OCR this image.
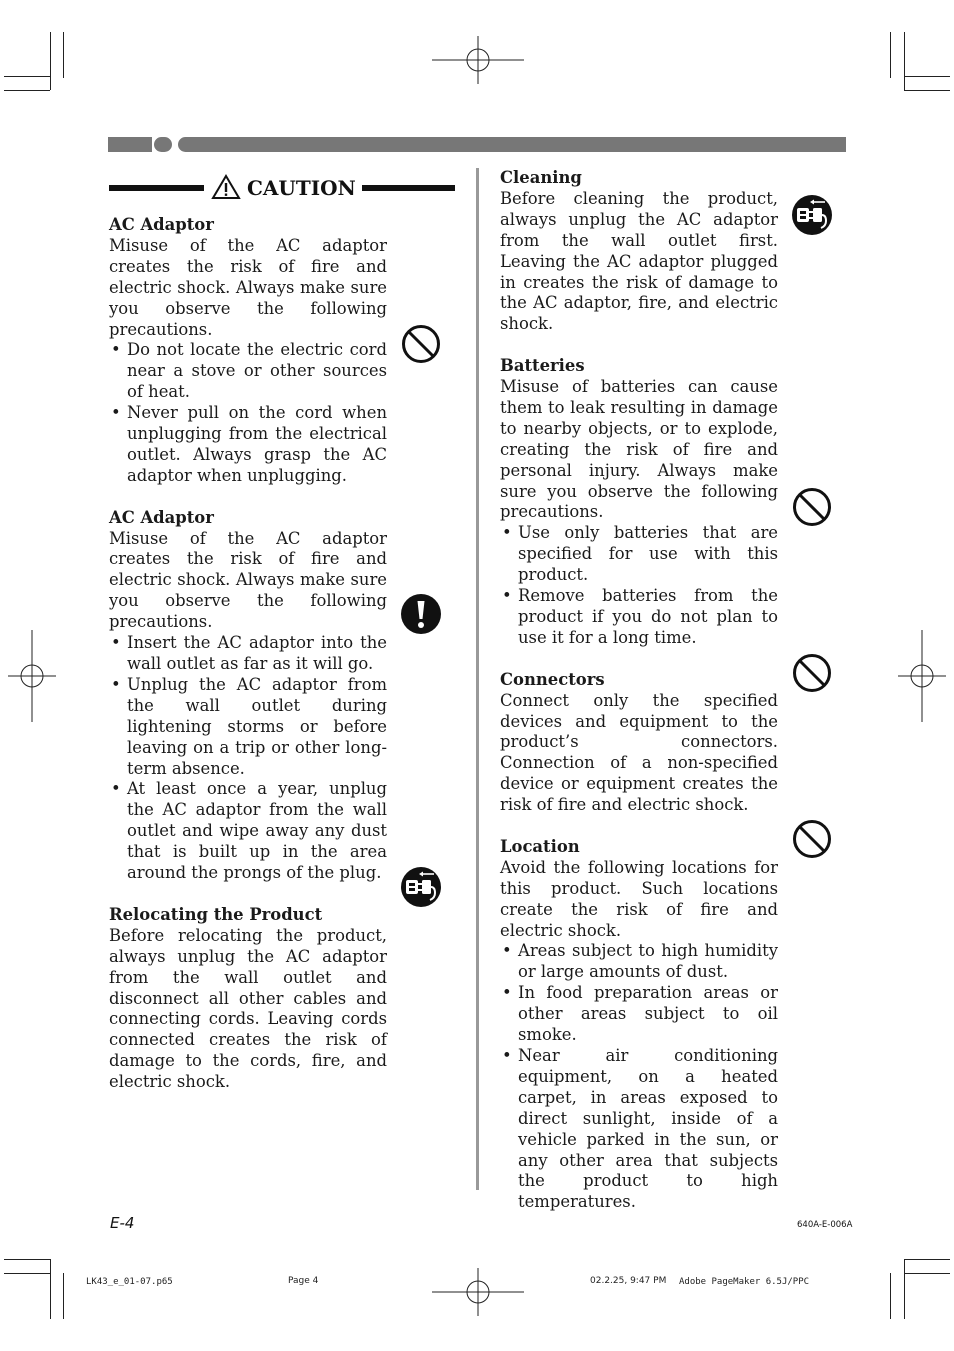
CAUTION

AC Adaptor

Misuse of the AC adaptor creates the risk of fire and electric shock. Always make sure you observe the following precautions.

• Do not locate the electric cord near a stove or other sources of heat.
• Never pull on the cord when unplugging from the electrical outlet. Always grasp the AC adaptor when unplugging.

AC Adaptor

Misuse of the AC adaptor creates the risk of fire and electric shock. Always make sure you observe the following precautions.

• Insert the AC adaptor into the wall outlet as far as it will go.
• Unplug the AC adaptor from the wall outlet during lightening storms or before leaving on a trip or other long-term absence.
• At least once a year, unplug the AC adaptor from the wall outlet and wipe away any dust that is built up in the area around the prongs of the plug.

Relocating the Product

Before relocating the product, always unplug the AC adaptor from the wall outlet and disconnect all other cables and connecting cords. Leaving cords connected creates the risk of damage to the cords, fire, and electric shock.

Cleaning

Before cleaning the product, always unplug the AC adaptor from the wall outlet first. Leaving the AC adaptor plugged in creates the risk of damage to the AC adaptor, fire, and electric shock.

Batteries

Misuse of batteries can cause them to leak resulting in damage to nearby objects, or to explode, creating the risk of fire and personal injury. Always make sure you observe the following precautions.

• Use only batteries that are specified for use with this product.
• Remove batteries from the product if you do not plan to use it for a long time.

Connectors

Connect only the specified devices and equipment to the product’s connectors. Connection of a non-specified device or equipment creates the risk of fire and electric shock.

Location

Avoid the following locations for this product. Such locations create the risk of fire and electric shock.

• Areas subject to high humidity or large amounts of dust.
• In food preparation areas or other areas subject to oil smoke.
• Near air conditioning equipment, on a heated carpet, in areas exposed to direct sunlight, inside of a vehicle parked in the sun, or any other area that subjects the product to high temperatures.
E-4	640A-E-006A
LK43_e_01-07.p65	Page 4	02.2.25, 9:47 PM Adobe PageMaker 6.5J/PPC
